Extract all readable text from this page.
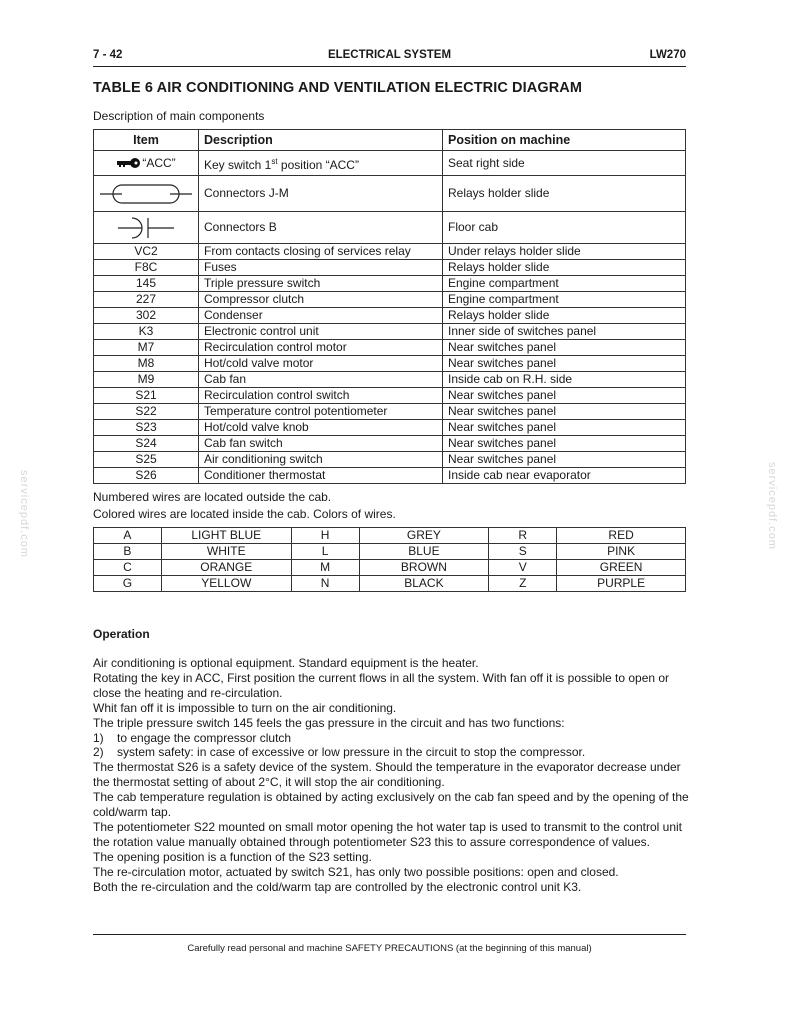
7 - 42	ELECTRICAL SYSTEM	LW270
TABLE 6 AIR CONDITIONING AND VENTILATION ELECTRIC DIAGRAM
Description of main components
Item	Description	Position on machine
“ACC”	Key switch 1st position “ACC”	Seat right side
	Connectors J-M	Relays holder slide
	Connectors B	Floor cab
VC2	From contacts closing of services relay	Under relays holder slide
F8C	Fuses	Relays holder slide
145	Triple pressure switch	Engine compartment
227	Compressor clutch	Engine compartment
302	Condenser	Relays holder slide
K3	Electronic control unit	Inner side of switches panel
M7	Recirculation control motor	Near switches panel
M8	Hot/cold valve motor	Near switches panel
M9	Cab fan	Inside cab on R.H. side
S21	Recirculation control switch	Near switches panel
S22	Temperature control potentiometer	Near switches panel
S23	Hot/cold valve knob	Near switches panel
S24	Cab fan switch	Near switches panel
S25	Air conditioning switch	Near switches panel
S26	Conditioner thermostat	Inside cab near evaporator
Numbered wires are located outside the cab.
Colored wires are located inside the cab. Colors of wires.
A	LIGHT BLUE	H	GREY	R	RED
B	WHITE	L	BLUE	S	PINK
C	ORANGE	M	BROWN	V	GREEN
G	YELLOW	N	BLACK	Z	PURPLE
Operation

Air conditioning is optional equipment. Standard equipment is the heater.

Rotating the key in ACC, First position the current flows in all the system. With fan off it is possible to open or close the heating and re-circulation.

Whit fan off it is impossible to turn on the air conditioning.

The triple pressure switch 145 feels the gas pressure in the circuit and has two functions:

1)    to engage the compressor clutch

2)    system safety: in case of excessive or low pressure in the circuit to stop the compressor.

The thermostat S26 is a safety device of the system. Should the temperature in the evaporator decrease under the thermostat setting of about 2°C, it will stop the air conditioning.

The cab temperature regulation is obtained by acting exclusively on the cab fan speed and by the opening of the cold/warm tap.

The potentiometer S22 mounted on small motor opening the hot water tap is used to transmit to the control unit the rotation value manually obtained through potentiometer S23 this to assure correspondence of values.

The opening position is a function of the S23 setting.

The re-circulation motor, actuated by switch S21, has only two possible positions: open and closed.

Both the re-circulation and the cold/warm tap are controlled by the electronic control unit K3.

Carefully read personal and machine SAFETY PRECAUTIONS (at the beginning of this manual)
servicepdf.com	servicepdf.com
